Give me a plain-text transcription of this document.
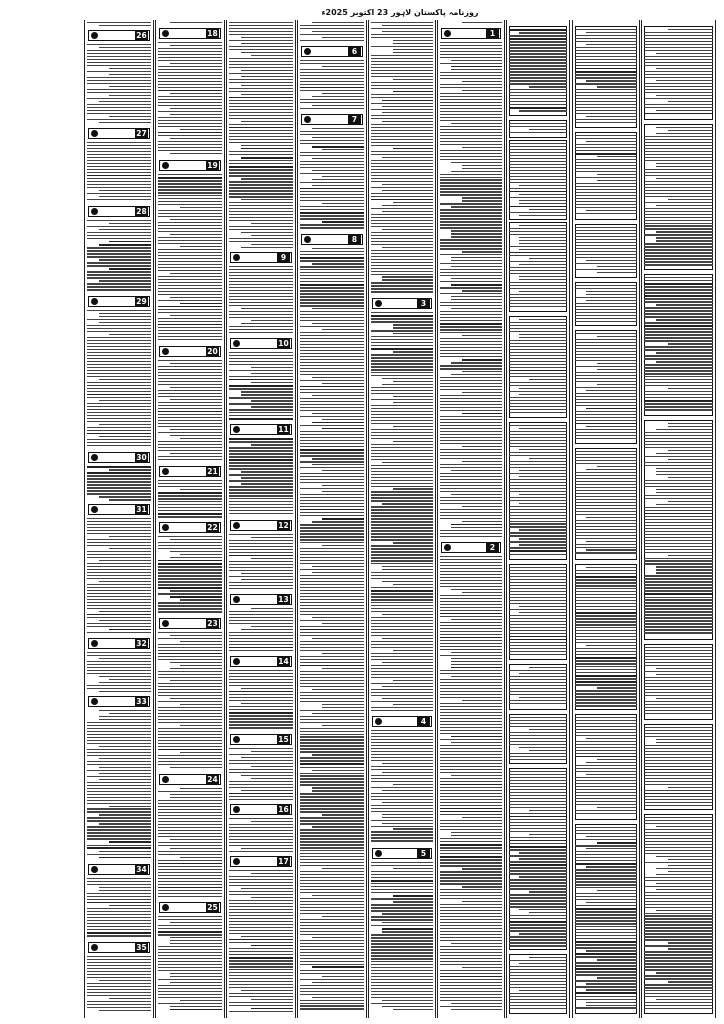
روزنامہ پاکستان لاہور 23 اکتوبر 2025ء
26
27
28
29
30
31
32
33
34
35
18
19
20
21
22
23
24
25
9
10
11
12
13
14
15
16
17
6
7
8
3
4
5
1
2
